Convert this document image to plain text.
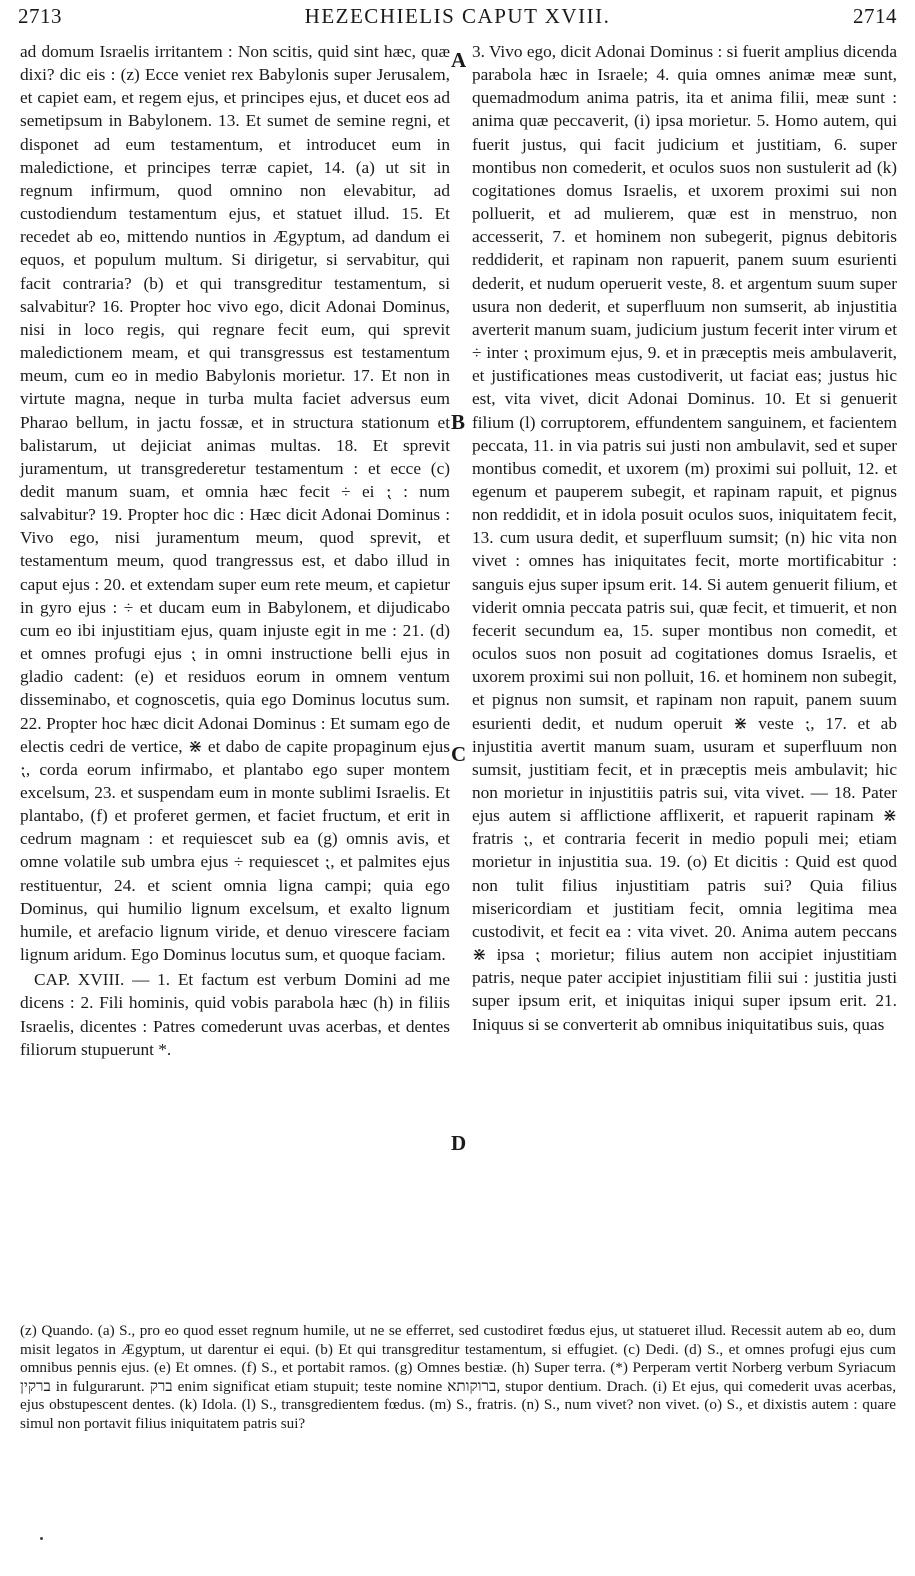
2713	HEZECHIELIS CAPUT XVIII.	2714

ad domum Israelis irritantem : Non scitis, quid sint hæc, quæ dixi? dic eis : (z) Ecce veniet rex Babylonis super Jerusalem, et capiet eam, et regem ejus, et principes ejus, et ducet eos ad semetipsum in Babylonem. 13. Et sumet de semine regni, et disponet ad eum testamentum, et introducet eum in maledictione, et principes terræ capiet, 14. (a) ut sit in regnum infirmum, quod omnino non elevabitur, ad custodiendum testamentum ejus, et statuet illud. 15. Et recedet ab eo, mittendo nuntios in Ægyptum, ad dandum ei equos, et populum multum. Si dirigetur, si servabitur, qui facit contraria? (b) et qui transgreditur testamentum, si salvabitur? 16. Propter hoc vivo ego, dicit Adonai Dominus, nisi in loco regis, qui regnare fecit eum, qui sprevit maledictionem meam, et qui transgressus est testamentum meum, cum eo in medio Babylonis morietur. 17. Et non in virtute magna, neque in turba multa faciet adversus eum Pharao bellum, in jactu fossæ, et in structura stationum et balistarum, ut dejiciat animas multas. 18. Et sprevit juramentum, ut transgrederetur testamentum : et ecce (c) dedit manum suam, et omnia hæc fecit ÷ ei ⁏ : num salvabitur? 19. Propter hoc dic : Hæc dicit Adonai Dominus : Vivo ego, nisi juramentum meum, quod sprevit, et testamentum meum, quod trangressus est, et dabo illud in caput ejus : 20. et extendam super eum rete meum, et capietur in gyro ejus : ÷ et ducam eum in Babylonem, et dijudicabo cum eo ibi injustitiam ejus, quam injuste egit in me : 21. (d) et omnes profugi ejus ⁏ in omni instructione belli ejus in gladio cadent: (e) et residuos eorum in omnem ventum disseminabo, et cognoscetis, quia ego Dominus locutus sum. 22. Propter hoc hæc dicit Adonai Dominus : Et sumam ego de electis cedri de vertice, ⋇ et dabo de capite propaginum ejus ⁏, corda eorum infirmabo, et plantabo ego super montem excelsum, 23. et suspendam eum in monte sublimi Israelis. Et plantabo, (f) et proferet germen, et faciet fructum, et erit in cedrum magnam : et requiescet sub ea (g) omnis avis, et omne volatile sub umbra ejus ÷ requiescet ⁏, et palmites ejus restituentur, 24. et scient omnia ligna campi; quia ego Dominus, qui humilio lignum excelsum, et exalto lignum humile, et arefacio lignum viride, et denuo virescere faciam lignum aridum. Ego Dominus locutus sum, et quoque faciam.

CAP. XVIII. — 1. Et factum est verbum Domini ad me dicens : 2. Fili hominis, quid vobis parabola hæc (h) in filiis Israelis, dicentes : Patres comederunt uvas acerbas, et dentes filiorum stupuerunt *.

A
B
C
D

3. Vivo ego, dicit Adonai Dominus : si fuerit amplius dicenda parabola hæc in Israele; 4. quia omnes animæ meæ sunt, quemadmodum anima patris, ita et anima filii, meæ sunt : anima quæ peccaverit, (i) ipsa morietur. 5. Homo autem, qui fuerit justus, qui facit judicium et justitiam, 6. super montibus non comederit, et oculos suos non sustulerit ad (k) cogitationes domus Israelis, et uxorem proximi sui non polluerit, et ad mulierem, quæ est in menstruo, non accesserit, 7. et hominem non subegerit, pignus debitoris reddiderit, et rapinam non rapuerit, panem suum esurienti dederit, et nudum operuerit veste, 8. et argentum suum super usura non dederit, et superfluum non sumserit, ab injustitia averterit manum suam, judicium justum fecerit inter virum et ÷ inter ⁏ proximum ejus, 9. et in præceptis meis ambulaverit, et justificationes meas custodiverit, ut faciat eas; justus hic est, vita vivet, dicit Adonai Dominus. 10. Et si genuerit filium (l) corruptorem, effundentem sanguinem, et facientem peccata, 11. in via patris sui justi non ambulavit, sed et super montibus comedit, et uxorem (m) proximi sui polluit, 12. et egenum et pauperem subegit, et rapinam rapuit, et pignus non reddidit, et in idola posuit oculos suos, iniquitatem fecit, 13. cum usura dedit, et superfluum sumsit; (n) hic vita non vivet : omnes has iniquitates fecit, morte mortificabitur : sanguis ejus super ipsum erit. 14. Si autem genuerit filium, et viderit omnia peccata patris sui, quæ fecit, et timuerit, et non fecerit secundum ea, 15. super montibus non comedit, et oculos suos non posuit ad cogitationes domus Israelis, et uxorem proximi sui non polluit, 16. et hominem non subegit, et pignus non sumsit, et rapinam non rapuit, panem suum esurienti dedit, et nudum operuit ⋇ veste ⁏, 17. et ab injustitia avertit manum suam, usuram et superfluum non sumsit, justitiam fecit, et in præceptis meis ambulavit; hic non morietur in injustitiis patris sui, vita vivet. — 18. Pater ejus autem si afflictione afflixerit, et rapuerit rapinam ⋇ fratris ⁏, et contraria fecerit in medio populi mei; etiam morietur in injustitia sua. 19. (o) Et dicitis : Quid est quod non tulit filius injustitiam patris sui? Quia filius misericordiam et justitiam fecit, omnia legitima mea custodivit, et fecit ea : vita vivet. 20. Anima autem peccans ⋇ ipsa ⁏ morietur; filius autem non accipiet injustitiam patris, neque pater accipiet injustitiam filii sui : justitia justi super ipsum erit, et iniquitas iniqui super ipsum erit. 21. Iniquus si se converterit ab omnibus iniquitatibus suis, quas

(z) Quando. (a) S., pro eo quod esset regnum humile, ut ne se efferret, sed custodiret fœdus ejus, ut statueret illud. Recessit autem ab eo, dum misit legatos in Ægyptum, ut darentur ei equi. (b) Et qui transgreditur testamentum, si effugiet. (c) Dedi. (d) S., et omnes profugi ejus cum omnibus pennis ejus. (e) Et omnes. (f) S., et portabit ramos. (g) Omnes bestiæ. (h) Super terra. (*) Perperam vertit Norberg verbum Syriacum ברקין in fulgurarunt. ברק enim significat etiam stupuit; teste nomine ברוקותא, stupor dentium. Drach. (i) Et ejus, qui comederit uvas acerbas, ejus obstupescent dentes. (k) Idola. (l) S., transgredientem fœdus. (m) S., fratris. (n) S., num vivet? non vivet. (o) S., et dixistis autem : quare simul non portavit filius iniquitatem patris sui?
